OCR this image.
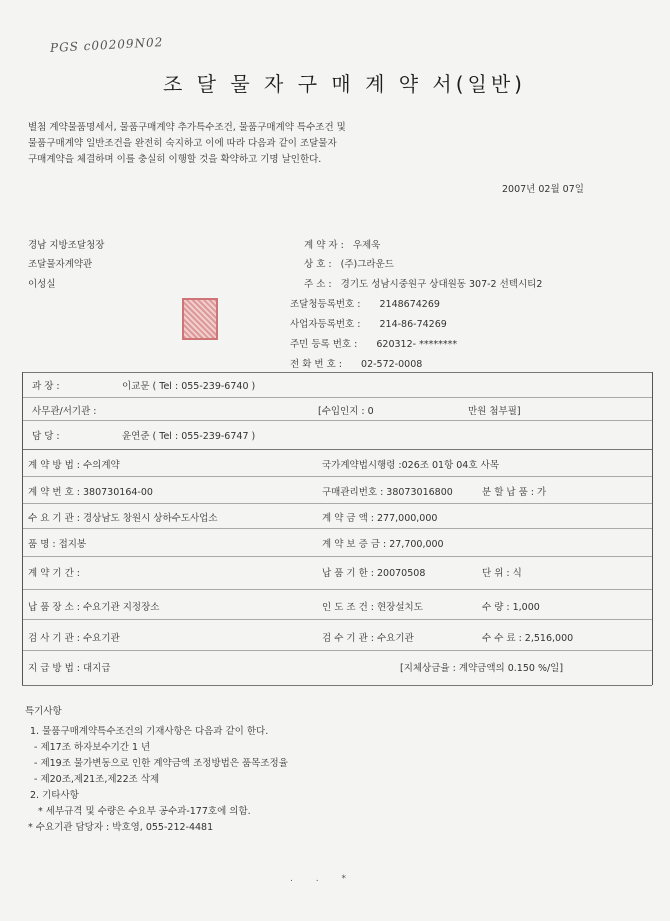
PGS c00209N02
조 달 물 자 구 매 계 약 서(일반)
별첨 계약물품명세서, 물품구매계약 추가특수조건, 물품구매계약 특수조건 및
물품구매계약 일반조건을 완전히 숙지하고 이에 따라 다음과 같이 조달물자
구매계약을 체결하며 이를 충실히 이행할 것을 확약하고 기명 날인한다.
2007년 02월 07일
경남 지방조달청장
조달물자계약관
이성실
계 약 자 : 우제욱
상 호 : (주)그라운드
주 소 : 경기도 성남시중원구 상대원동 307-2 선텍시티2
조달청등록번호 : 2148674269
사업자등록번호 : 214-86-74269
주민 등록 번호 : 620312- ********
전 화 번 호 : 02-572-0008
과 장 :	이교문 ( Tel : 055-239-6740 )
사무관/서기관 :	[수입인지 : 0	만원 첨부필]
담 당 :	윤연준 ( Tel : 055-239-6747 )
계 약 방 법 : 수의계약	국가계약법시행령 :026조 01항 04호 사목
계 약 번 호 : 380730164-00	구매관리번호 : 38073016800	분 할 납 품 : 가
수 요 기 관 : 경상남도 창원시 상하수도사업소	계 약 금 액 : 277,000,000
품 명 : 접지봉	계 약 보 증 금 : 27,700,000
계 약 기 간 :	납 품 기 한 : 20070508	단 위 : 식
납 품 장 소 : 수요기관 지정장소	인 도 조 건 : 현장설치도	수 량 : 1,000
검 사 기 관 : 수요기관	검 수 기 관 : 수요기관	수 수 료 : 2,516,000
지 급 방 법 : 대지급	[지체상금율 : 계약금액의 0.150 %/일]
특기사항
1. 물품구매계약특수조건의 기재사항은 다음과 같이 한다.
- 제17조 하자보수기간 1 년
- 제19조 물가변동으로 인한 계약금액 조정방법은 품목조정율
- 제20조,제21조,제22조 삭제
2. 기타사항
* 세부규격 및 수량은 수요부 공수과-177호에 의함.
* 수요기관 담당자 : 박호영, 055-212-4481
. . *
